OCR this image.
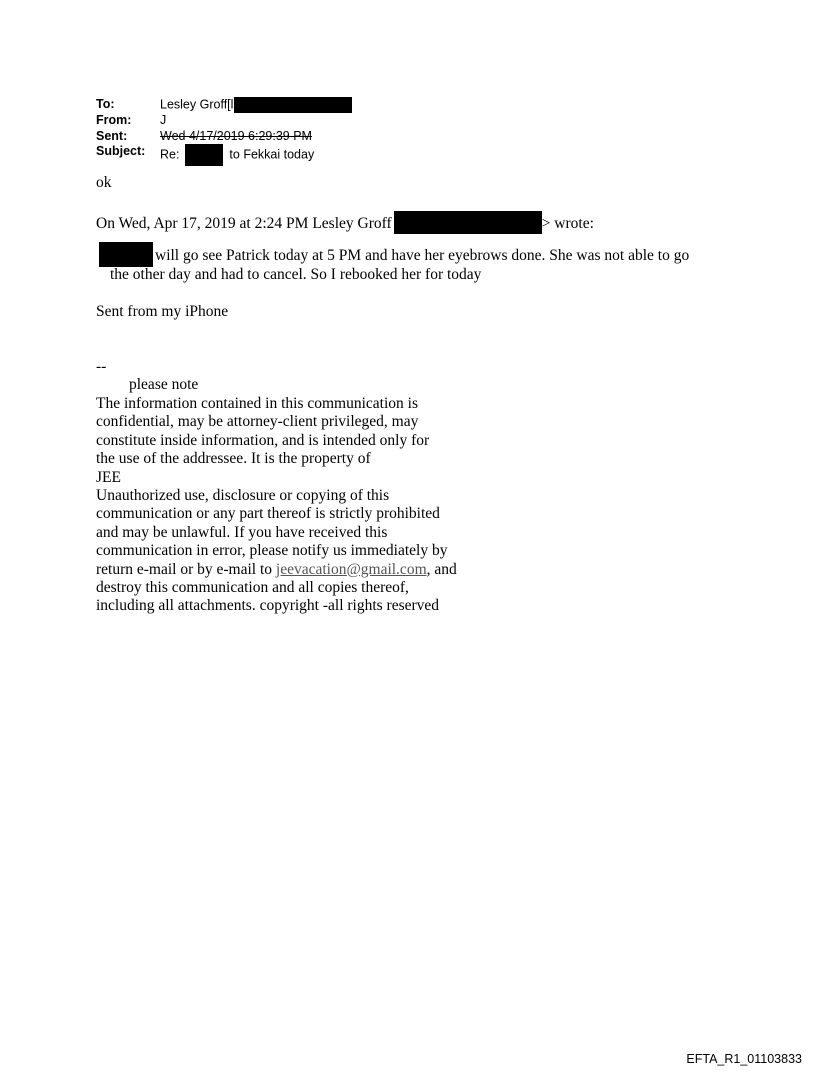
To:	Lesley Groff[l
From:	J
Sent:	Wed 4/17/2019 6:29:39 PM
Subject:	Re:	to Fekkai today
ok
On Wed, Apr 17, 2019 at 2:24 PM Lesley Groff	> wrote:
will go see Patrick today at 5 PM and have her eyebrows done. She was not able to go
the other day and had to cancel. So I rebooked her for today
Sent from my iPhone
--
please note
The information contained in this communication is
confidential, may be attorney-client privileged, may
constitute inside information, and is intended only for
the use of the addressee. It is the property of
JEE
Unauthorized use, disclosure or copying of this
communication or any part thereof is strictly prohibited
and may be unlawful. If you have received this
communication in error, please notify us immediately by
return e-mail or by e-mail to jeevacation@gmail.com, and
destroy this communication and all copies thereof,
including all attachments. copyright -all rights reserved
EFTA_R1_01103833
